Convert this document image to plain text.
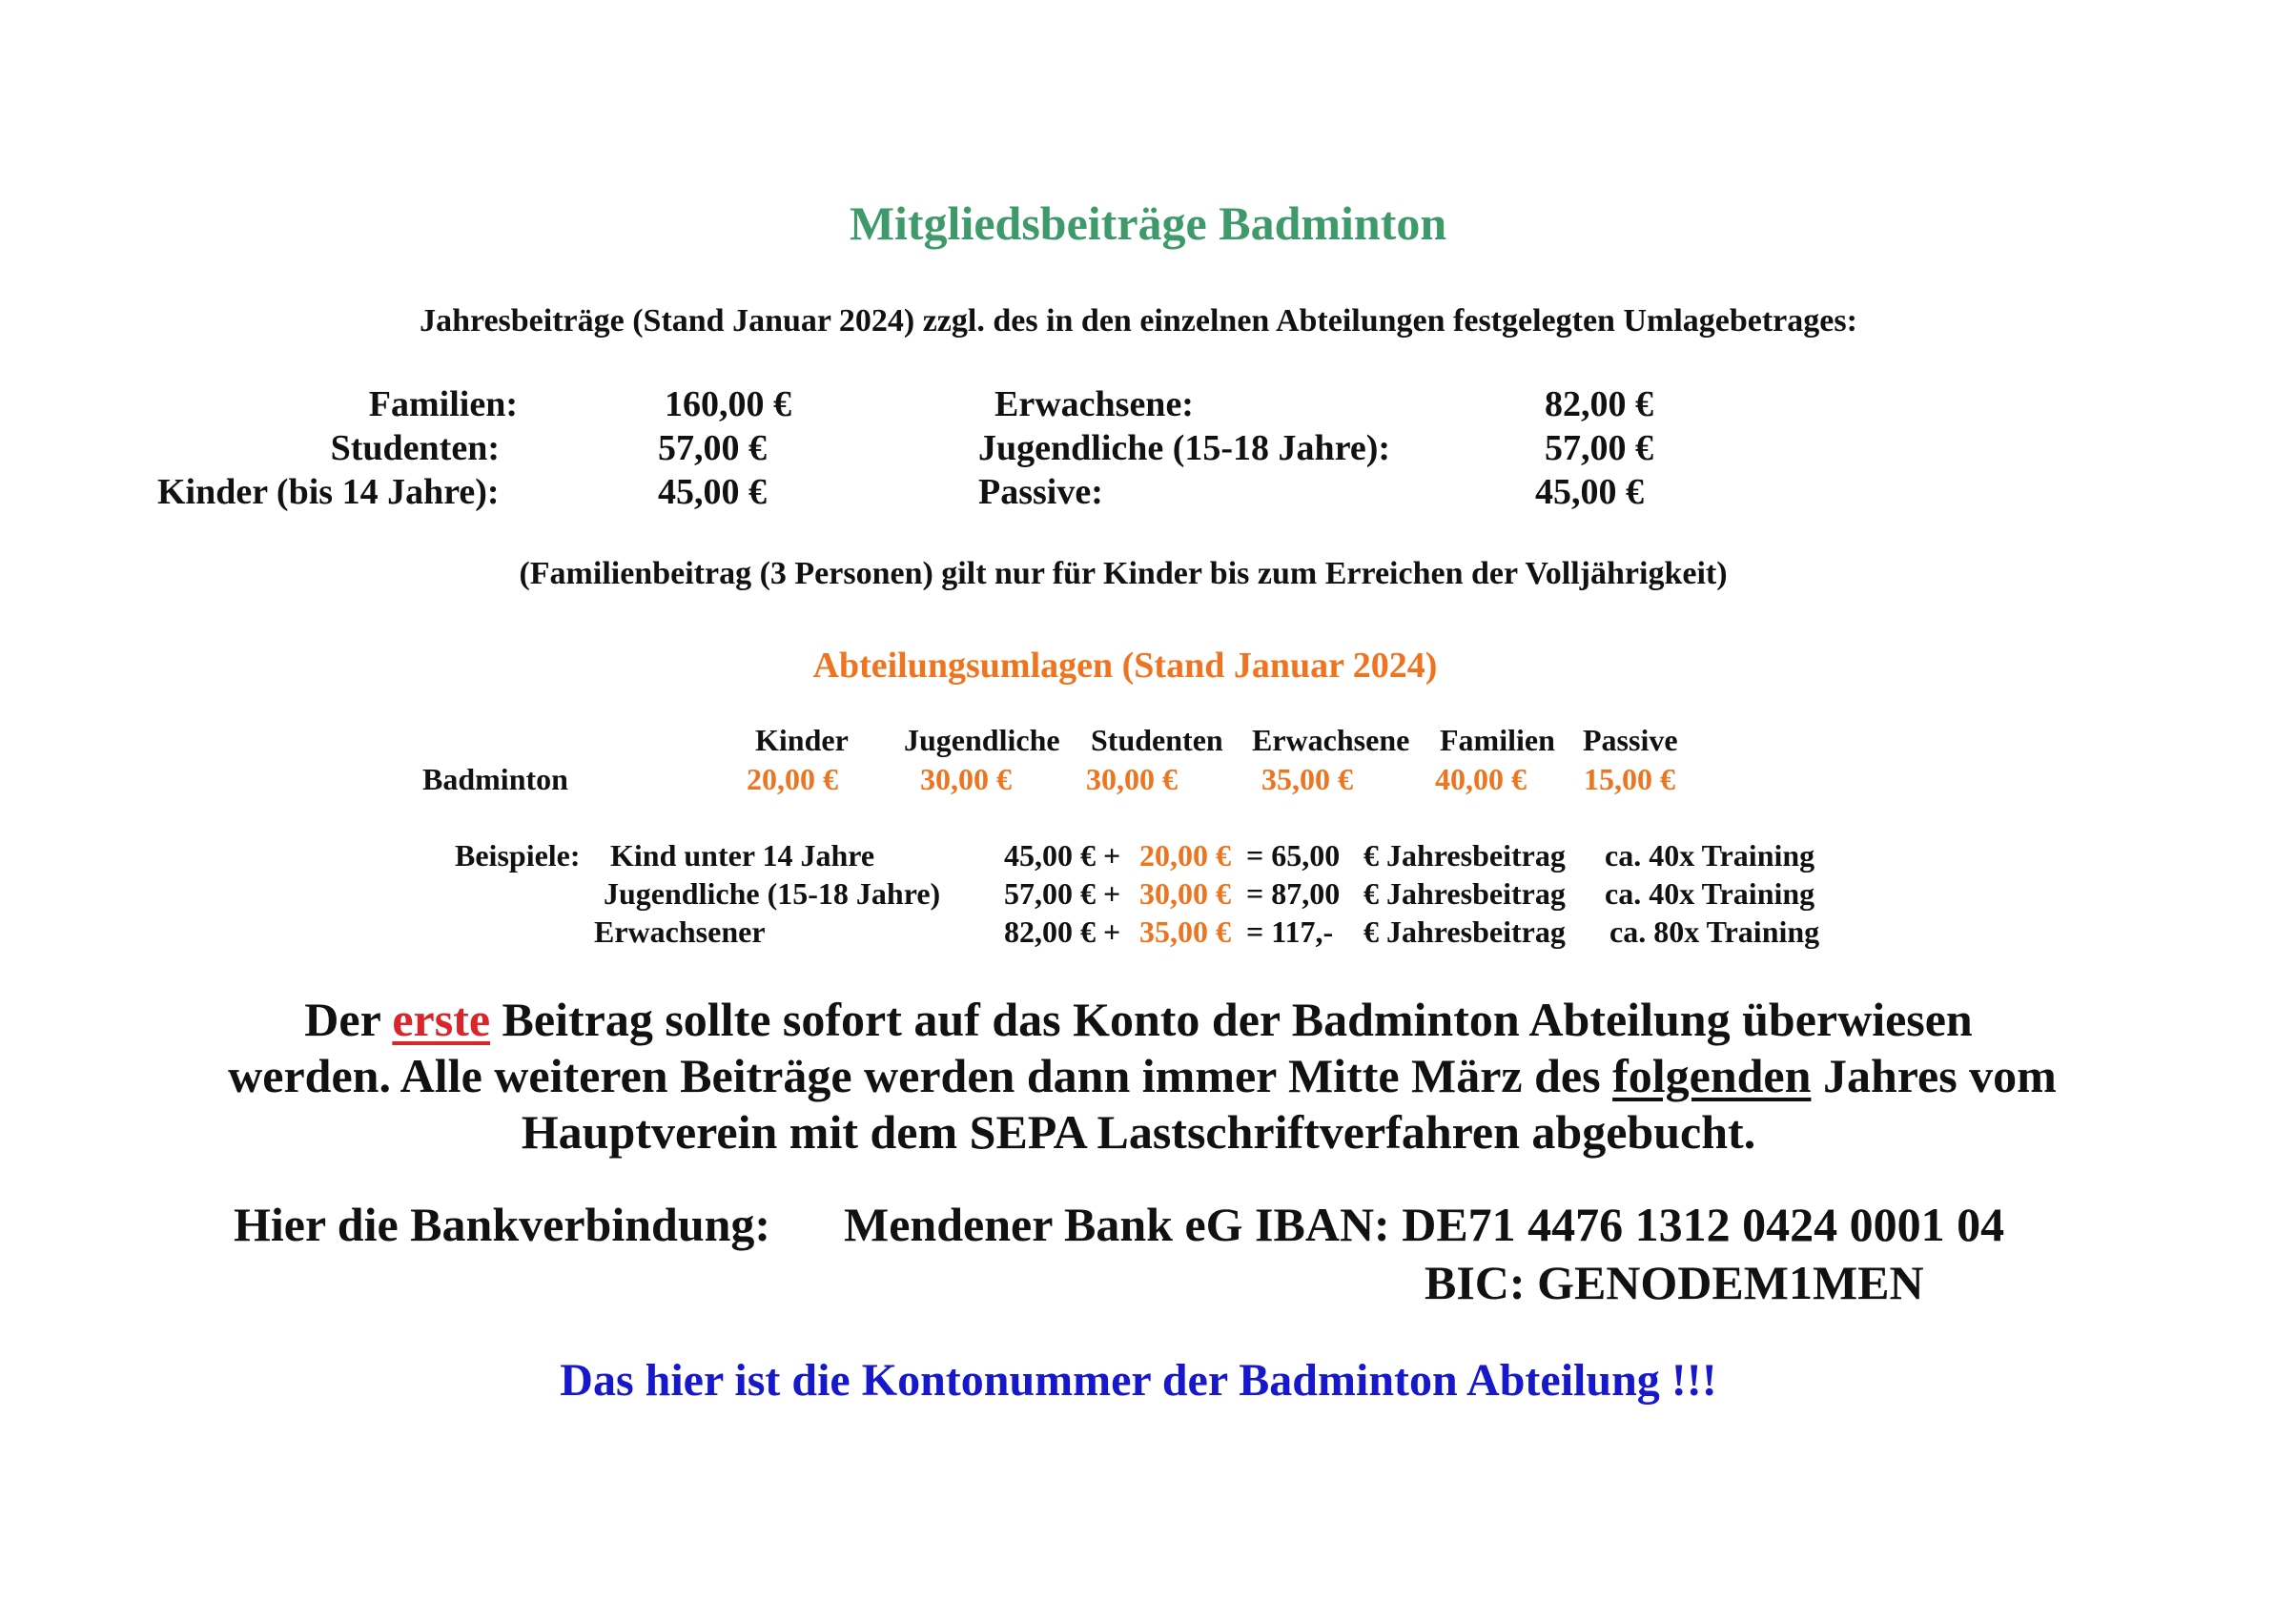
Mitgliedsbeiträge Badminton
Jahresbeiträge (Stand Januar 2024) zzgl. des in den einzelnen Abteilungen festgelegten Umlagebetrages:
Familien:	160,00 €
Studenten:	57,00 €
Kinder (bis 14 Jahre):	45,00 €
Erwachsene:	82,00 €
Jugendliche (15-18 Jahre):	57,00 €
Passive:	45,00 €
(Familienbeitrag (3 Personen) gilt nur für Kinder bis zum Erreichen der Volljährigkeit)
Abteilungsumlagen (Stand Januar 2024)
Kinder Jugendliche Studenten Erwachsene Familien Passive
Badminton	20,00 €	30,00 € 30,00 €	35,00 €	40,00 € 15,00 €
Beispiele: Kind unter 14 Jahre	45,00 € + 20,00 € = 65,00 € Jahresbeitrag ca. 40x Training
Jugendliche (15-18 Jahre) 57,00 € + 30,00 € = 87,00 € Jahresbeitrag ca. 40x Training
Erwachsener	82,00 € + 35,00 € = 117,- € Jahresbeitrag ca. 80x Training
Der erste Beitrag sollte sofort auf das Konto der Badminton Abteilung überwiesen
werden. Alle weiteren Beiträge werden dann immer Mitte März des folgenden Jahres vom
Hauptverein mit dem SEPA Lastschriftverfahren abgebucht.
Hier die Bankverbindung: Mendener Bank eG IBAN: DE71 4476 1312 0424 0001 04
BIC: GENODEM1MEN
Das hier ist die Kontonummer der Badminton Abteilung !!!
